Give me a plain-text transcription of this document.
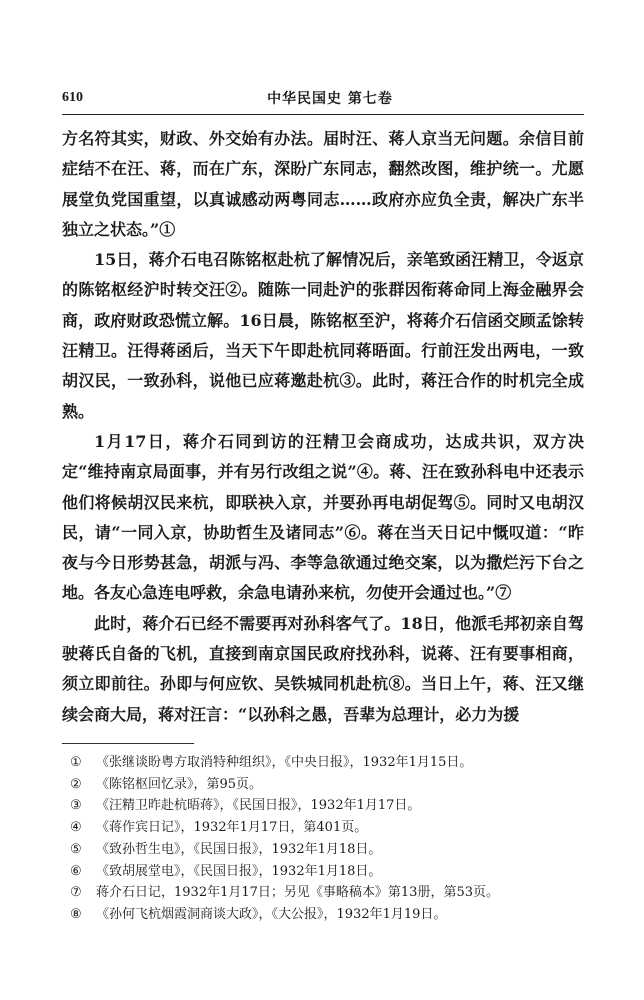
610	中华民国史 第七卷

方名符其实，财政、外交始有办法。届时汪、蒋人京当无问题。余信目前症结不在汪、蒋，而在广东，深盼广东同志，翻然改图，维护统一。尤愿展堂负党国重望，以真诚感动两粤同志……政府亦应负全责，解决广东半独立之状态。”①

15日，蒋介石电召陈铭枢赴杭了解情况后，亲笔致函汪精卫，令返京的陈铭枢经沪时转交汪②。随陈一同赴沪的张群因衔蒋命同上海金融界会商，政府财政恐慌立解。16日晨，陈铭枢至沪，将蒋介石信函交顾孟馀转汪精卫。汪得蒋函后，当天下午即赴杭同蒋晤面。行前汪发出两电，一致胡汉民，一致孙科，说他已应蒋邀赴杭③。此时，蒋汪合作的时机完全成熟。

1月17日，蒋介石同到访的汪精卫会商成功，达成共识，双方决定“维持南京局面事，并有另行改组之说”④。蒋、汪在致孙科电中还表示他们将候胡汉民来杭，即联袂入京，并要孙再电胡促驾⑤。同时又电胡汉民，请“一同入京，协助哲生及诸同志”⑥。蒋在当天日记中慨叹道：“昨夜与今日形势甚急，胡派与冯、李等急欲通过绝交案，以为撒烂污下台之地。各友心急连电呼救，余急电请孙来杭，勿使开会通过也。”⑦

此时，蒋介石已经不需要再对孙科客气了。18日，他派毛邦初亲自驾驶蒋氏自备的飞机，直接到南京国民政府找孙科，说蒋、汪有要事相商，须立即前往。孙即与何应钦、吴铁城同机赴杭⑧。当日上午，蒋、汪又继续会商大局，蒋对汪言：“以孙科之愚，吾辈为总理计，必力为援

① 《张继谈盼粤方取消特种组织》，《中央日报》，1932年1月15日。
② 《陈铭枢回忆录》，第95页。
③ 《汪精卫昨赴杭晤蒋》，《民国日报》，1932年1月17日。
④ 《蒋作宾日记》，1932年1月17日，第401页。
⑤ 《致孙哲生电》，《民国日报》，1932年1月18日。
⑥ 《致胡展堂电》，《民国日报》，1932年1月18日。
⑦ 蒋介石日记，1932年1月17日；另见《事略稿本》第13册，第53页。
⑧ 《孙何飞杭烟霞洞商谈大政》，《大公报》，1932年1月19日。
